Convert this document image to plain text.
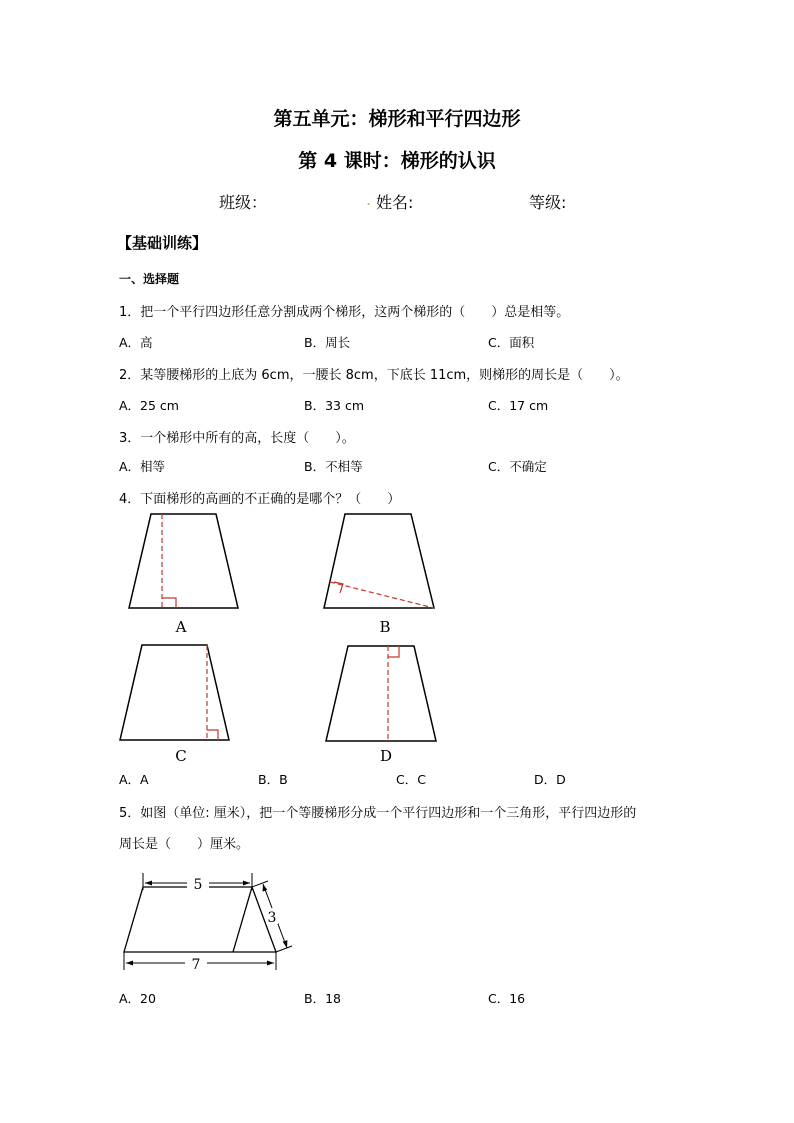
第五单元：梯形和平行四边形
第 4 课时：梯形的认识
班级：	. 姓名:	等级:
【基础训练】
一、选择题
1．把一个平行四边形任意分割成两个梯形，这两个梯形的（　　）总是相等。
A．高	B．周长	C．面积
2．某等腰梯形的上底为 6cm，一腰长 8cm，下底长 11cm，则梯形的周长是（　　）。
A．25 cm	B．33 cm	C．17 cm
3．一个梯形中所有的高，长度（　　）。
A．相等	B．不相等	C．不确定
4．下面梯形的高画的不正确的是哪个？（　　）
A	B
C	D
5
3
7
A．A	B．B	C．C	D．D
5．如图（单位: 厘米），把一个等腰梯形分成一个平行四边形和一个三角形，平行四边形的
周长是（　　）厘米。
A．20	B．18	C．16
